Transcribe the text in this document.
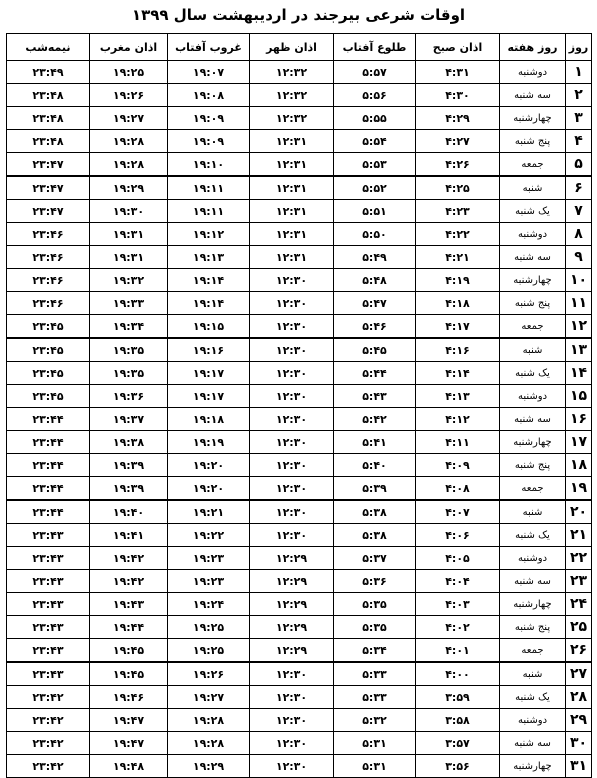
اوقات شرعی بیرجند در اردیبهشت سال ۱۳۹۹
روز	روز هفته	اذان صبح	طلوع آفتاب	اذان ظهر	غروب آفتاب	اذان مغرب	نیمه‌شب
۱	دوشنبه	۴:۳۱	۵:۵۷	۱۲:۳۲	۱۹:۰۷	۱۹:۲۵	۲۳:۴۹
۲	سه شنبه	۴:۳۰	۵:۵۶	۱۲:۳۲	۱۹:۰۸	۱۹:۲۶	۲۳:۴۸
۳	چهارشنبه	۴:۲۹	۵:۵۵	۱۲:۳۲	۱۹:۰۹	۱۹:۲۷	۲۳:۴۸
۴	پنج شنبه	۴:۲۷	۵:۵۴	۱۲:۳۱	۱۹:۰۹	۱۹:۲۸	۲۳:۴۸
۵	جمعه	۴:۲۶	۵:۵۳	۱۲:۳۱	۱۹:۱۰	۱۹:۲۸	۲۳:۴۷
۶	شنبه	۴:۲۵	۵:۵۲	۱۲:۳۱	۱۹:۱۱	۱۹:۲۹	۲۳:۴۷
۷	یک شنبه	۴:۲۳	۵:۵۱	۱۲:۳۱	۱۹:۱۱	۱۹:۳۰	۲۳:۴۷
۸	دوشنبه	۴:۲۲	۵:۵۰	۱۲:۳۱	۱۹:۱۲	۱۹:۳۱	۲۳:۴۶
۹	سه شنبه	۴:۲۱	۵:۴۹	۱۲:۳۱	۱۹:۱۳	۱۹:۳۱	۲۳:۴۶
۱۰	چهارشنبه	۴:۱۹	۵:۴۸	۱۲:۳۰	۱۹:۱۴	۱۹:۳۲	۲۳:۴۶
۱۱	پنج شنبه	۴:۱۸	۵:۴۷	۱۲:۳۰	۱۹:۱۴	۱۹:۳۳	۲۳:۴۶
۱۲	جمعه	۴:۱۷	۵:۴۶	۱۲:۳۰	۱۹:۱۵	۱۹:۳۴	۲۳:۴۵
۱۳	شنبه	۴:۱۶	۵:۴۵	۱۲:۳۰	۱۹:۱۶	۱۹:۳۵	۲۳:۴۵
۱۴	یک شنبه	۴:۱۴	۵:۴۴	۱۲:۳۰	۱۹:۱۷	۱۹:۳۵	۲۳:۴۵
۱۵	دوشنبه	۴:۱۳	۵:۴۳	۱۲:۳۰	۱۹:۱۷	۱۹:۳۶	۲۳:۴۵
۱۶	سه شنبه	۴:۱۲	۵:۴۲	۱۲:۳۰	۱۹:۱۸	۱۹:۳۷	۲۳:۴۴
۱۷	چهارشنبه	۴:۱۱	۵:۴۱	۱۲:۳۰	۱۹:۱۹	۱۹:۳۸	۲۳:۴۴
۱۸	پنج شنبه	۴:۰۹	۵:۴۰	۱۲:۳۰	۱۹:۲۰	۱۹:۳۹	۲۳:۴۴
۱۹	جمعه	۴:۰۸	۵:۳۹	۱۲:۳۰	۱۹:۲۰	۱۹:۳۹	۲۳:۴۴
۲۰	شنبه	۴:۰۷	۵:۳۸	۱۲:۳۰	۱۹:۲۱	۱۹:۴۰	۲۳:۴۴
۲۱	یک شنبه	۴:۰۶	۵:۳۸	۱۲:۳۰	۱۹:۲۲	۱۹:۴۱	۲۳:۴۳
۲۲	دوشنبه	۴:۰۵	۵:۳۷	۱۲:۲۹	۱۹:۲۳	۱۹:۴۲	۲۳:۴۳
۲۳	سه شنبه	۴:۰۴	۵:۳۶	۱۲:۲۹	۱۹:۲۳	۱۹:۴۲	۲۳:۴۳
۲۴	چهارشنبه	۴:۰۳	۵:۳۵	۱۲:۲۹	۱۹:۲۴	۱۹:۴۳	۲۳:۴۳
۲۵	پنج شنبه	۴:۰۲	۵:۳۵	۱۲:۲۹	۱۹:۲۵	۱۹:۴۴	۲۳:۴۳
۲۶	جمعه	۴:۰۱	۵:۳۴	۱۲:۲۹	۱۹:۲۵	۱۹:۴۵	۲۳:۴۳
۲۷	شنبه	۴:۰۰	۵:۳۳	۱۲:۳۰	۱۹:۲۶	۱۹:۴۵	۲۳:۴۳
۲۸	یک شنبه	۳:۵۹	۵:۳۳	۱۲:۳۰	۱۹:۲۷	۱۹:۴۶	۲۳:۴۲
۲۹	دوشنبه	۳:۵۸	۵:۳۲	۱۲:۳۰	۱۹:۲۸	۱۹:۴۷	۲۳:۴۲
۳۰	سه شنبه	۳:۵۷	۵:۳۱	۱۲:۳۰	۱۹:۲۸	۱۹:۴۷	۲۳:۴۲
۳۱	چهارشنبه	۳:۵۶	۵:۳۱	۱۲:۳۰	۱۹:۲۹	۱۹:۴۸	۲۳:۴۲
